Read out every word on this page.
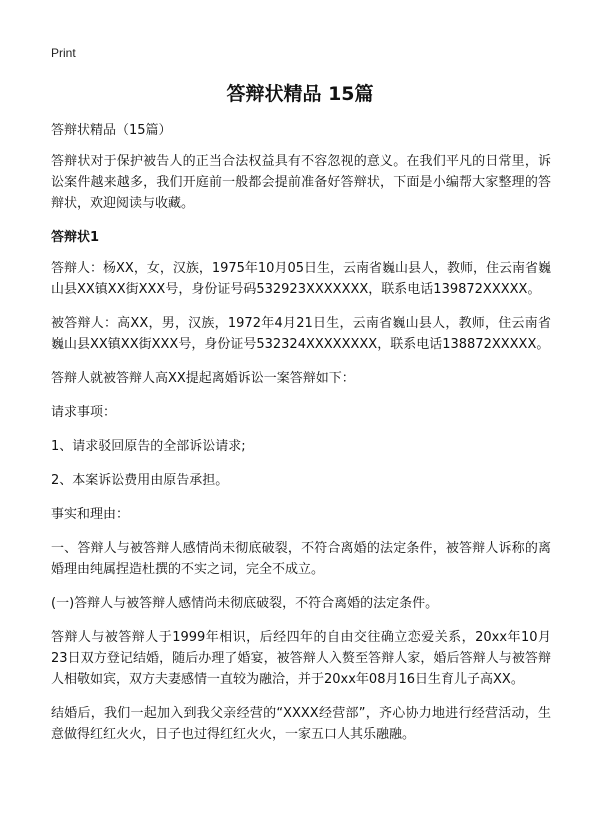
Print
答辩状精品 15篇

答辩状精品（15篇）

答辩状对于保护被告人的正当合法权益具有不容忽视的意义。在我们平凡的日常里，诉讼案件越来越多，我们开庭前一般都会提前准备好答辩状，下面是小编帮大家整理的答辩状，欢迎阅读与收藏。

答辩状1

答辩人：杨XX，女，汉族，1975年10月05日生，云南省巍山县人，教师，住云南省巍山县XX镇XX街XXX号，身份证号码532923XXXXXXX，联系电话139872XXXXX。

被答辩人：高XX，男，汉族，1972年4月21日生，云南省巍山县人，教师，住云南省巍山县XX镇XX街XXX号，身份证号532324XXXXXXXX，联系电话138872XXXXX。

答辩人就被答辩人高XX提起离婚诉讼一案答辩如下：

请求事项：

1、请求驳回原告的全部诉讼请求;

2、本案诉讼费用由原告承担。

事实和理由：

一、答辩人与被答辩人感情尚未彻底破裂，不符合离婚的法定条件，被答辩人诉称的离婚理由纯属捏造杜撰的不实之词，完全不成立。

(一)答辩人与被答辩人感情尚未彻底破裂，不符合离婚的法定条件。

答辩人与被答辩人于1999年相识，后经四年的自由交往确立恋爱关系，20xx年10月23日双方登记结婚，随后办理了婚宴，被答辩人入赘至答辩人家，婚后答辩人与被答辩人相敬如宾，双方夫妻感情一直较为融洽，并于20xx年08月16日生育儿子高XX。

结婚后，我们一起加入到我父亲经营的“XXXX经营部”，齐心协力地进行经营活动，生意做得红红火火，日子也过得红红火火，一家五口人其乐融融。
